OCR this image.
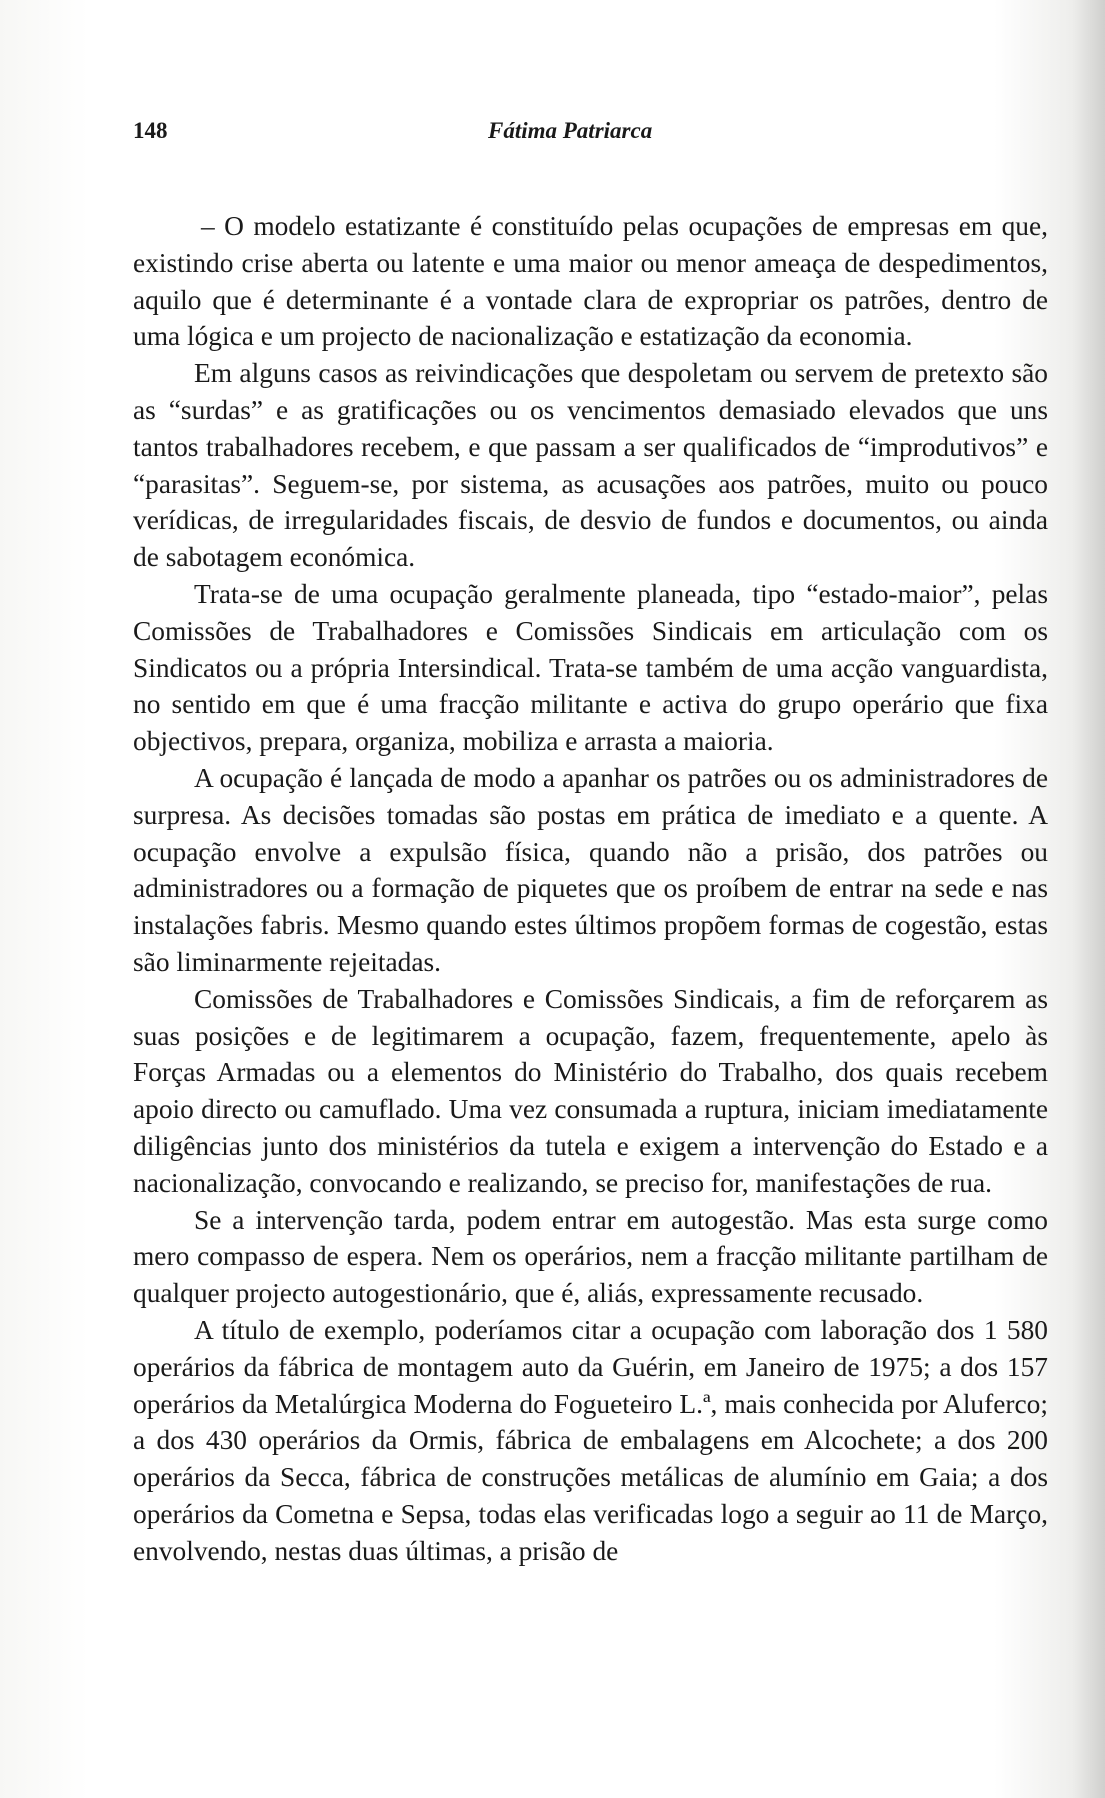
148	Fátima Patriarca

– O modelo estatizante é constituído pelas ocupações de empresas em que, existindo crise aberta ou latente e uma maior ou menor ameaça de despedimentos, aquilo que é determinante é a vontade clara de expropriar os patrões, dentro de uma lógica e um projecto de nacionalização e estatização da economia.

Em alguns casos as reivindicações que despoletam ou servem de pretexto são as “surdas” e as gratificações ou os vencimentos demasiado elevados que uns tantos trabalhadores recebem, e que passam a ser qualificados de “improdutivos” e “parasitas”. Seguem-se, por sistema, as acusações aos patrões, muito ou pouco verídicas, de irregularidades fiscais, de desvio de fundos e documentos, ou ainda de sabotagem económica.

Trata-se de uma ocupação geralmente planeada, tipo “estado-maior”, pelas Comissões de Trabalhadores e Comissões Sindicais em articulação com os Sindicatos ou a própria Intersindical. Trata-se também de uma acção vanguardista, no sentido em que é uma fracção militante e activa do grupo operário que fixa objectivos, prepara, organiza, mobiliza e arrasta a maioria.

A ocupação é lançada de modo a apanhar os patrões ou os administradores de surpresa. As decisões tomadas são postas em prática de imediato e a quente. A ocupação envolve a expulsão física, quando não a prisão, dos patrões ou administradores ou a formação de piquetes que os proíbem de entrar na sede e nas instalações fabris. Mesmo quando estes últimos propõem formas de cogestão, estas são liminarmente rejeitadas.

Comissões de Trabalhadores e Comissões Sindicais, a fim de reforçarem as suas posições e de legitimarem a ocupação, fazem, frequentemente, apelo às Forças Armadas ou a elementos do Ministério do Trabalho, dos quais recebem apoio directo ou camuflado. Uma vez consumada a ruptura, iniciam imediatamente diligências junto dos ministérios da tutela e exigem a intervenção do Estado e a nacionalização, convocando e realizando, se preciso for, manifestações de rua.

Se a intervenção tarda, podem entrar em autogestão. Mas esta surge como mero compasso de espera. Nem os operários, nem a fracção militante partilham de qualquer projecto autogestionário, que é, aliás, expressamente recusado.

A título de exemplo, poderíamos citar a ocupação com laboração dos 1 580 operários da fábrica de montagem auto da Guérin, em Janeiro de 1975; a dos 157 operários da Metalúrgica Moderna do Fogueteiro L.ª, mais conhecida por Aluferco; a dos 430 operários da Ormis, fábrica de embalagens em Alcochete; a dos 200 operários da Secca, fábrica de construções metálicas de alumínio em Gaia; a dos operários da Cometna e Sepsa, todas elas verificadas logo a seguir ao 11 de Março, envolvendo, nestas duas últimas, a prisão de
